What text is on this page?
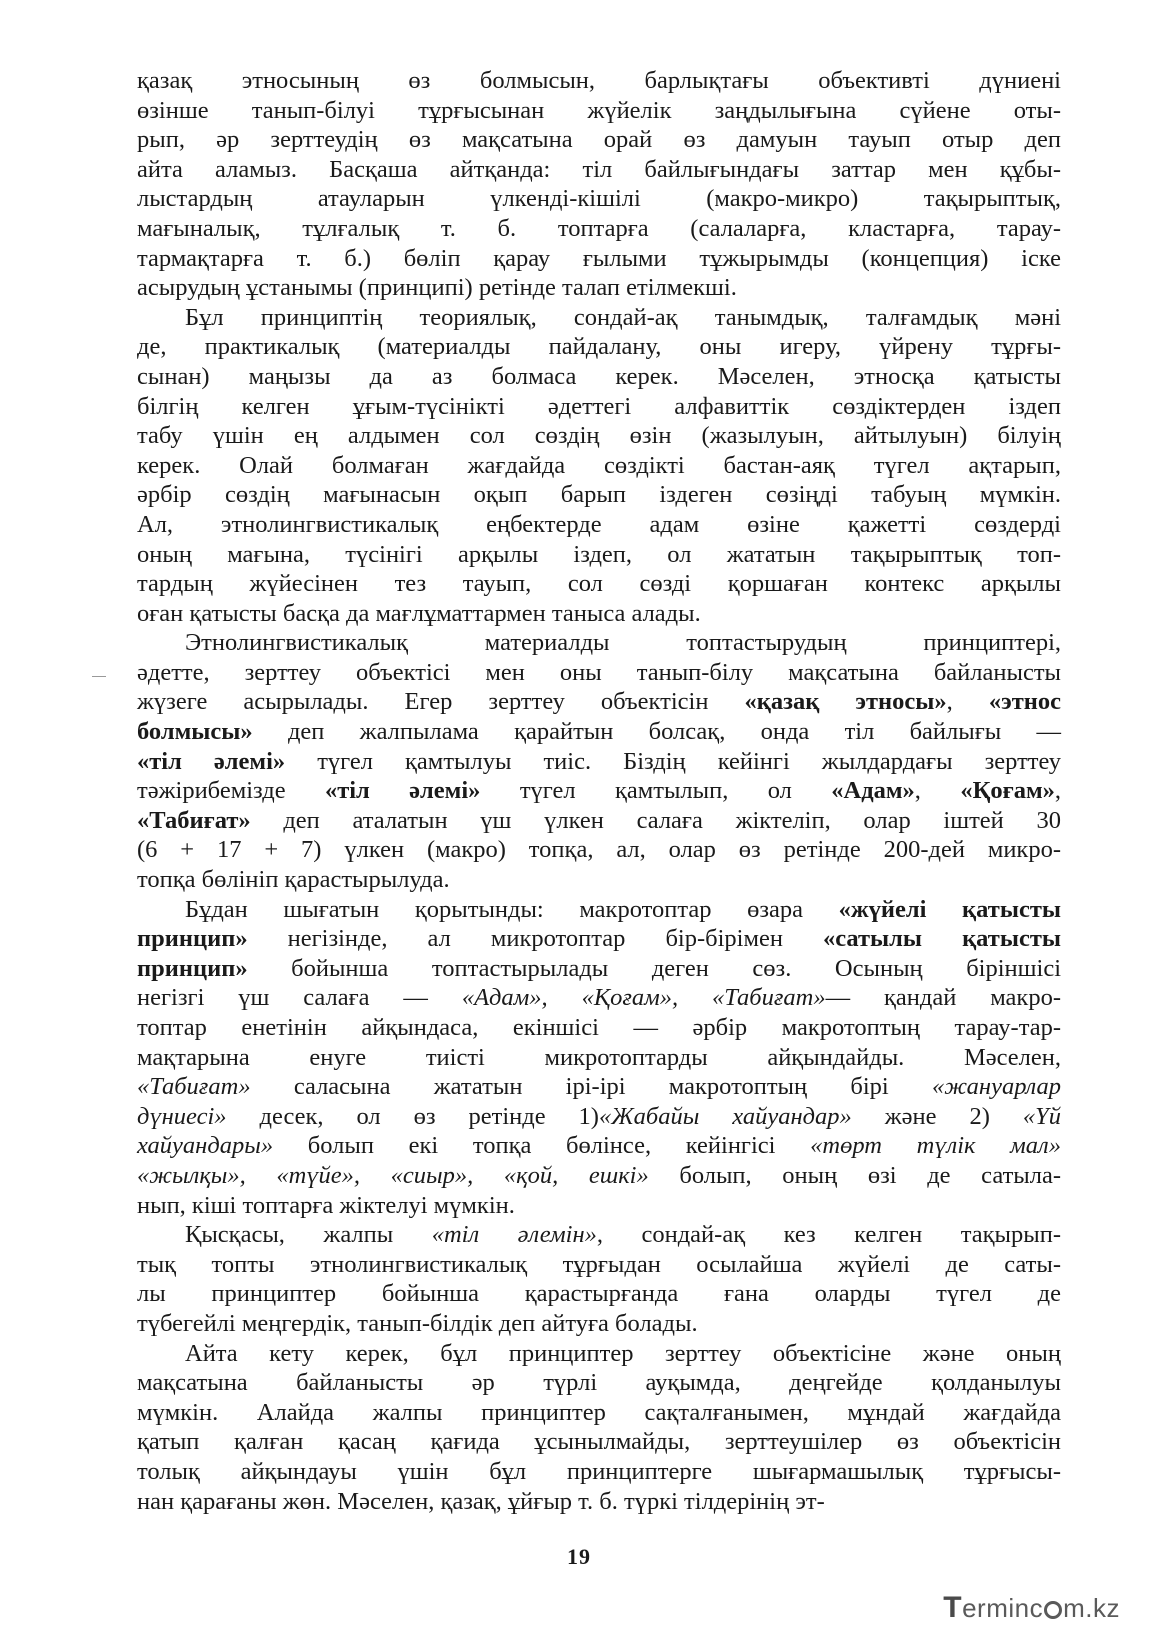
қазақ этносының өз болмысын, барлықтағы объективті дүниені
өзінше танып-білуі тұрғысынан жүйелік заңдылығына сүйене оты-
рып, әр зерттеудің өз мақсатына орай өз дамуын тауып отыр деп
айта аламыз. Басқаша айтқанда: тіл байлығындағы заттар мен құбы-
лыстардың атауларын үлкенді-кішілі (макро-микро) тақырыптық,
мағыналық, тұлғалық т. б. топтарға (салаларға, кластарға, тарау-
тармақтарға т. б.) бөліп қарау ғылыми тұжырымды (концепция) іске
асырудың ұстанымы (принципі) ретінде талап етілмекші.
Бұл принциптің теориялық, сондай-ақ танымдық, талғамдық мәні
де, практикалық (материалды пайдалану, оны игеру, үйрену тұрғы-
сынан) маңызы да аз болмаса керек. Мәселен, этносқа қатысты
білгің келген ұғым-түсінікті әдеттегі алфавиттік сөздіктерден іздеп
табу үшін ең алдымен сол сөздің өзін (жазылуын, айтылуын) білуің
керек. Олай болмаған жағдайда сөздікті бастан-аяқ түгел ақтарып,
әрбір сөздің мағынасын оқып барып іздеген сөзіңді табуың мүмкін.
Ал, этнолингвистикалық еңбектерде адам өзіне қажетті сөздерді
оның мағына, түсінігі арқылы іздеп, ол жататын тақырыптық топ-
тардың жүйесінен тез тауып, сол сөзді қоршаған контекс арқылы
оған қатысты басқа да мағлұматтармен таныса алады.
Этнолингвистикалық материалды топтастырудың принциптері,
әдетте, зерттеу объектісі мен оны танып-білу мақсатына байланысты
жүзеге асырылады. Егер зерттеу объектісін «қазақ этносы», «этнос
болмысы» деп жалпылама қарайтын болсақ, онда тіл байлығы —
«тіл әлемі» түгел қамтылуы тиіс. Біздің кейінгі жылдардағы зерттеу
тәжірибемізде «тіл әлемі» түгел қамтылып, ол «Адам», «Қоғам»,
«Табиғат» деп аталатын үш үлкен салаға жіктеліп, олар іштей 30
(6 + 17 + 7) үлкен (макро) топқа, ал, олар өз ретінде 200-дей микро-
топқа бөлініп қарастырылуда.
Бұдан шығатын қорытынды: макротоптар өзара «жүйелі қатысты
принцип» негізінде, ал микротоптар бір-бірімен «сатылы қатысты
принцип» бойынша топтастырылады деген сөз. Осының біріншісі
негізгі үш салаға — «Адам», «Қоғам», «Табиғат»— қандай макро-
топтар енетінін айқындаса, екіншісі — әрбір макротоптың тарау-тар-
мақтарына енуге тиісті микротоптарды айқындайды. Мәселен,
«Табиғат» саласына жататын ірі-ірі макротоптың бірі «жануарлар
дүниесі» десек, ол өз ретінде 1)«Жабайы хайуандар» және 2) «Үй
хайуандары» болып екі топқа бөлінсе, кейінгісі «төрт түлік мал»
«жылқы», «түйе», «сиыр», «қой, ешкі» болып, оның өзі де сатыла-
нып, кіші топтарға жіктелуі мүмкін.
Қысқасы, жалпы «тіл әлемін», сондай-ақ кез келген тақырып-
тық топты этнолингвистикалық тұрғыдан осылайша жүйелі де саты-
лы принциптер бойынша қарастырғанда ғана оларды түгел де
түбегейлі меңгердік, танып-білдік деп айтуға болады.
Айта кету керек, бұл принциптер зерттеу объектісіне және оның
мақсатына байланысты әр түрлі ауқымда, деңгейде қолданылуы
мүмкін. Алайда жалпы принциптер сақталғанымен, мұндай жағдайда
қатып қалған қасаң қағида ұсынылмайды, зерттеушілер өз объектісін
толық айқындауы үшін бұл принциптерге шығармашылық тұрғысы-
нан қарағаны жөн. Мәселен, қазақ, ұйғыр т. б. түркі тілдерінің эт-
19
Terminc m.kz
